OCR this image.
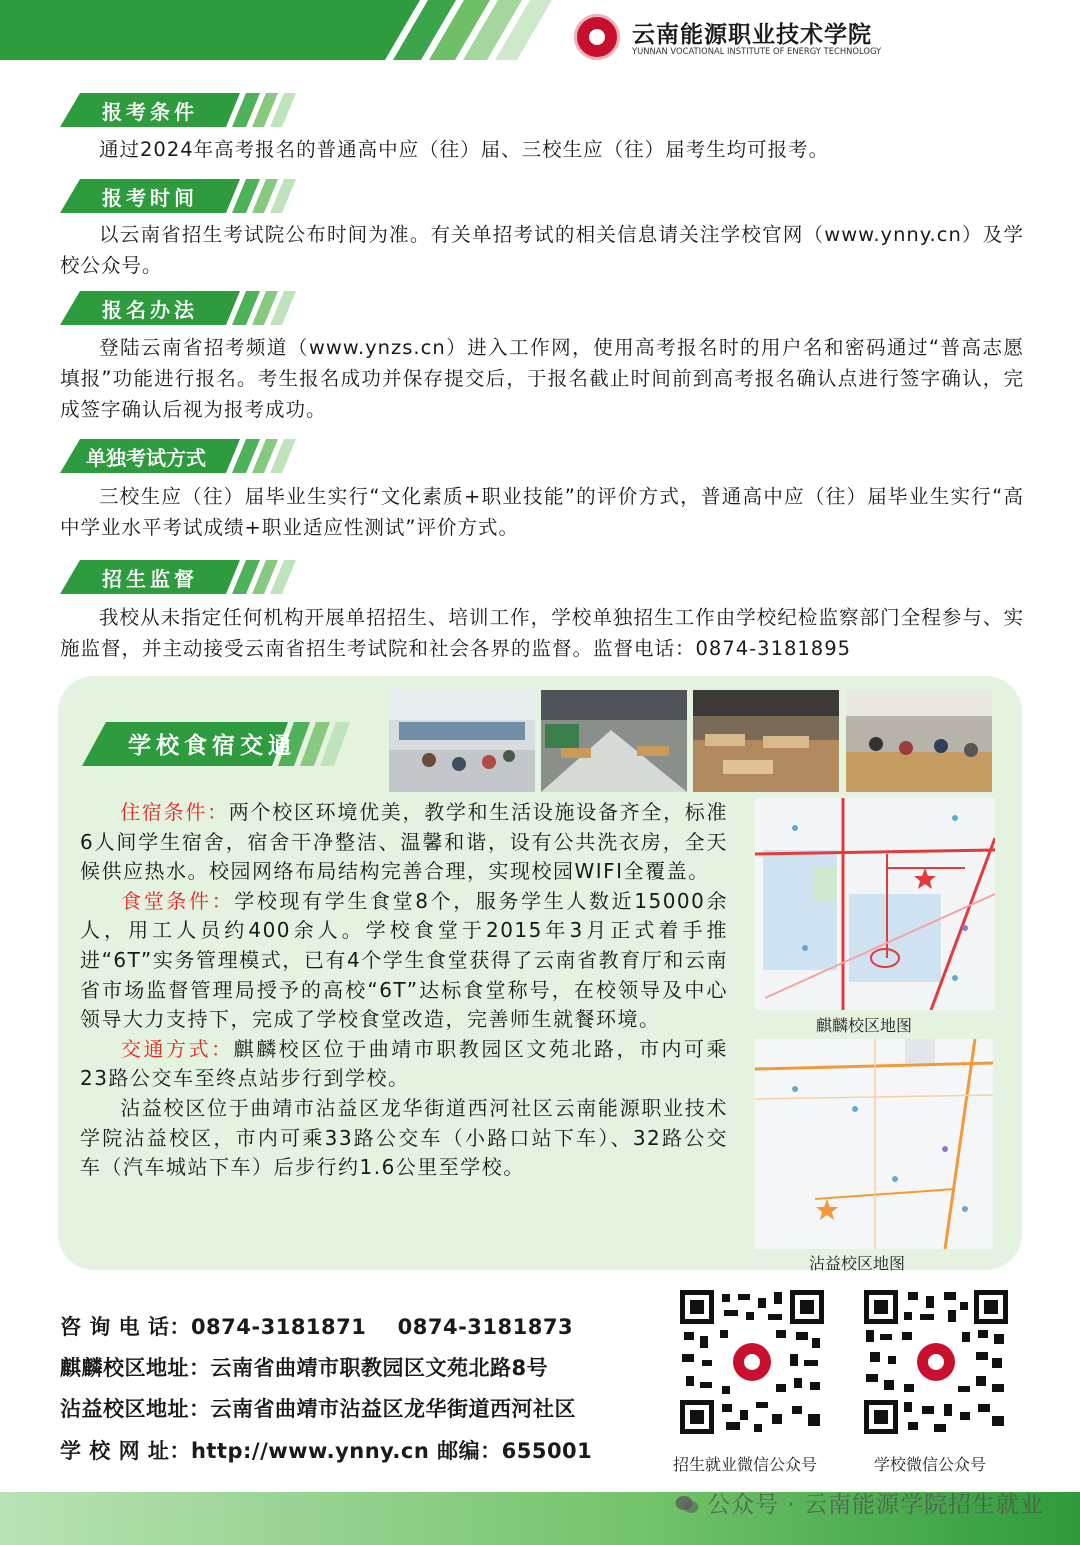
云南能源职业技术学院
YUNNAN VOCATIONAL INSTITUTE OF ENERGY TECHNOLOGY
报考条件

通过2024年高考报名的普通高中应（往）届、三校生应（往）届考生均可报考。

报考时间

以云南省招生考试院公布时间为准。有关单招考试的相关信息请关注学校官网（www.ynny.cn）及学校公众号。

报名办法

登陆云南省招考频道（www.ynzs.cn）进入工作网，使用高考报名时的用户名和密码通过“普高志愿填报”功能进行报名。考生报名成功并保存提交后，于报名截止时间前到高考报名确认点进行签字确认，完成签字确认后视为报考成功。

单独考试方式

三校生应（往）届毕业生实行“文化素质+职业技能”的评价方式，普通高中应（往）届毕业生实行“高中学业水平考试成绩+职业适应性测试”评价方式。

招生监督

我校从未指定任何机构开展单招招生、培训工作，学校单独招生工作由学校纪检监察部门全程参与、实施监督，并主动接受云南省招生考试院和社会各界的监督。监督电话：0874-3181895

学校食宿交通
住宿条件：两个校区环境优美，教学和生活设施设备齐全，标准6人间学生宿舍，宿舍干净整洁、温馨和谐，设有公共洗衣房，全天候供应热水。校园网络布局结构完善合理，实现校园WIFI全覆盖。
食堂条件：学校现有学生食堂8个，服务学生人数近15000余人，用工人员约400余人。学校食堂于2015年3月正式着手推进“6T”实务管理模式，已有4个学生食堂获得了云南省教育厅和云南省市场监督管理局授予的高校“6T”达标食堂称号，在校领导及中心领导大力支持下，完成了学校食堂改造，完善师生就餐环境。
交通方式：麒麟校区位于曲靖市职教园区文苑北路，市内可乘23路公交车至终点站步行到学校。
沾益校区位于曲靖市沾益区龙华街道西河社区云南能源职业技术学院沾益校区，市内可乘33路公交车（小路口站下车）、32路公交车（汽车城站下车）后步行约1.6公里至学校。
麒麟校区地图
沾益校区地图
咨 询 电 话：0874-3181871    0874-3181873
麒麟校区地址：云南省曲靖市职教园区文苑北路8号
沾益校区地址：云南省曲靖市沾益区龙华街道西河社区
学 校 网 址：http://www.ynny.cn 邮编：655001
招生就业微信公众号	学校微信公众号
公众号 · 云南能源学院招生就业
